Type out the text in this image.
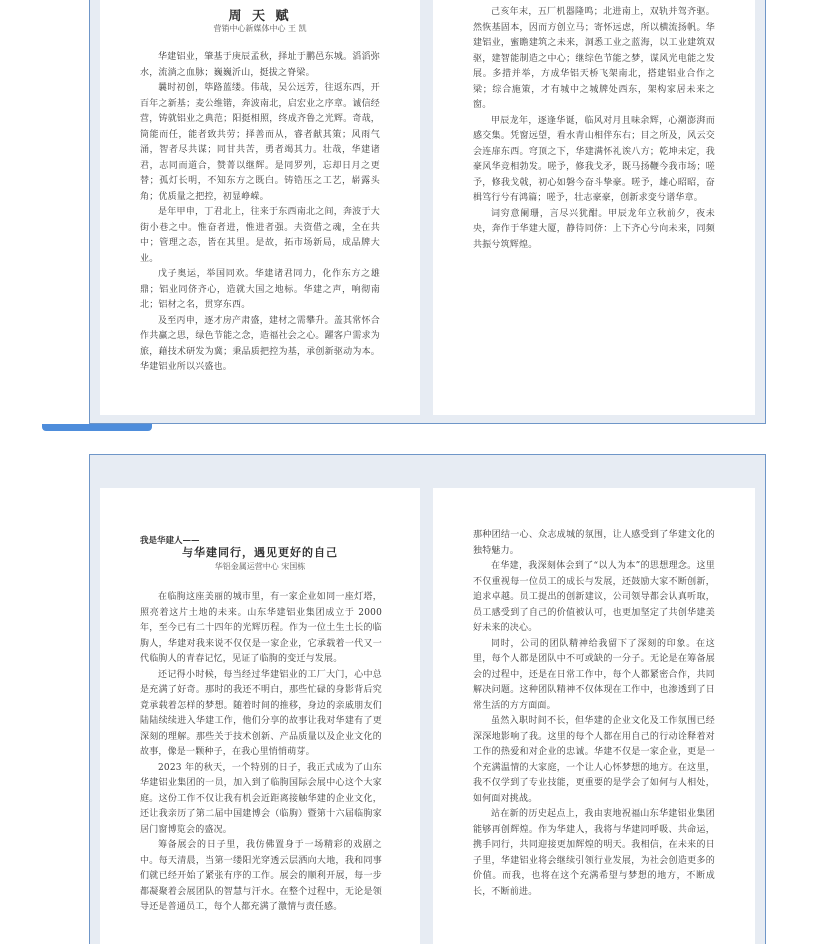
周 天 赋
营销中心新媒体中心 王 凯

华建铝业，肇基于庚辰孟秋，择址于鹏邑东城。滔滔弥水，流淌之血脉；巍巍沂山，挺拔之脊梁。

曩时初创，筚路蓝缕。伟哉，吴公远芳，往返东西，开百年之新基；麦公维锴，奔波南北，启宏业之序章。诚信经营，铸就铝业之典范；阳挺相照，终成齐鲁之光辉。奇哉，筒能而任，能者致共劳；择善而从，睿者献其策；风雨气涌，智者尽共谋；同甘共苦，勇者竭其力。壮哉，华建诸君，志同而道合，赞菁以继辉。是同罗列，忘却日月之更替；孤灯长明，不知东方之既白。铸锆压之工艺，崭露头角；优质量之把控，初显峥嵘。

是年甲申，丁君北上，往来于东西南北之间，奔波于大街小巷之中。惟奋者进，惟进者强。夫资借之魂，全在共中；管理之态，皆在其里。是故，拓市场新局，成品牌大业。

戊子奥运，举国同欢。华建诸君同力，化作东方之雄鼎；铝业同侪齐心，造就大国之地标。华建之声，响彻南北；铝材之名，贯穿东西。

及至丙申，逐才房产肃盛，建材之需攀升。盖其常怀合作共赢之思，绿色节能之念，造福社会之心。躍客户需求为旅，藉技术研发为冀；秉品质把控为基，承创新驱动为本。华建铝业所以兴盛也。

己亥年末，五厂机器隆鸣；北进南上，双轨并驾齐驱。然恢基固本，因而方创立马；寄怀远虑，所以横流扬帆。华建铝业，蜜瞻建筑之未来，洞悉工业之蓝海，以工业建筑双驱，建智能制造之中心；继综色节能之梦，谋风光电能之发展。多措并举，方成华铝天桥飞架南北，搭建铝业合作之梁；综合施策，才有城中之城牌处西东，架构家居未来之窗。

甲辰龙年，逐逢华诞，临风对月且味余辉，心潮澎湃而感交集。凭窗远望，看水青山相伴东右；目之所及，风云交会连扉东西。穹顶之下，华建满怀礼诶八方；乾坤未定，我豪风华竞相勃发。嗟予，修我戈矛，既马扬鞭今我市场；嗟予，修我戈戟，初心如磐今奋斗挚豪。嗟予，雄心昭昭，奋楫笃行兮有鸿篇；嗟予，壮志豪豪，创新求变兮谱华章。

词穷意阑珊，言尽兴犹酣。甲辰龙年立秋前夕，夜未央，奔作于华建大厦，静待同侪：上下齐心兮向未来，同频共振兮筑辉煌。

我是华建人——
与华建同行，遇见更好的自己
华铝金属运营中心 宋国栋

在临朐这座美丽的城市里，有一家企业如同一座灯塔，照亮着这片土地的未来。山东华建铝业集团成立于 2000 年，至今已有二十四年的光辉历程。作为一位土生土长的临朐人，华建对我来说不仅仅是一家企业，它承载着一代又一代临朐人的青春记忆，见证了临朐的变迁与发展。

还记得小时候，每当经过华建铝业的工厂大门，心中总是充满了好奇。那时的我还不明白，那些忙碌的身影背后究竟承载着怎样的梦想。随着时间的推移，身边的亲戚朋友们陆陆续续进入华建工作，他们分享的故事让我对华建有了更深刻的理解。那些关于技术创新、产品质量以及企业文化的故事，像是一颗种子，在我心里悄悄萌芽。

2023 年的秋天，一个特别的日子，我正式成为了山东华建铝业集团的一员，加入到了临朐国际会展中心这个大家庭。这份工作不仅让我有机会近距离接触华建的企业文化，还让我亲历了第二届中国建博会（临朐）暨第十六届临朐家居门窗博览会的盛况。

筹备展会的日子里，我仿佛置身于一场精彩的戏剧之中。每天清晨，当第一缕阳光穿透云层洒向大地，我和同事们就已经开始了紧张有序的工作。展会的顺利开展，每一步都凝聚着会展团队的智慧与汗水。在整个过程中，无论是领导还是普通员工，每个人都充满了激情与责任感。

那种团结一心、众志成城的氛围，让人感受到了华建文化的独特魅力。

在华建，我深刻体会到了“以人为本”的思想理念。这里不仅重视每一位员工的成长与发展，还鼓励大家不断创新，追求卓越。员工提出的创新建议，公司领导都会认真听取，员工感受到了自己的价值被认可，也更加坚定了共创华建美好未来的决心。

同时，公司的团队精神给我留下了深刻的印象。在这里，每个人都是团队中不可或缺的一分子。无论是在筹备展会的过程中，还是在日常工作中，每个人都紧密合作，共同解决问题。这种团队精神不仅体现在工作中，也渗透到了日常生活的方方面面。

虽然入职时间不长，但华建的企业文化及工作氛围已经深深地影响了我。这里的每个人都在用自己的行动诠释着对工作的热爱和对企业的忠诚。华建不仅是一家企业，更是一个充满温情的大家庭，一个让人心怀梦想的地方。在这里，我不仅学到了专业技能，更重要的是学会了如何与人相处，如何面对挑战。

站在新的历史起点上，我由衷地祝福山东华建铝业集团能够再创辉煌。作为华建人，我将与华建同呼吸、共命运，携手同行，共同迎接更加辉煌的明天。我相信，在未来的日子里，华建铝业将会继续引领行业发展，为社会创造更多的价值。而我，也将在这个充满希望与梦想的地方，不断成长，不断前进。
